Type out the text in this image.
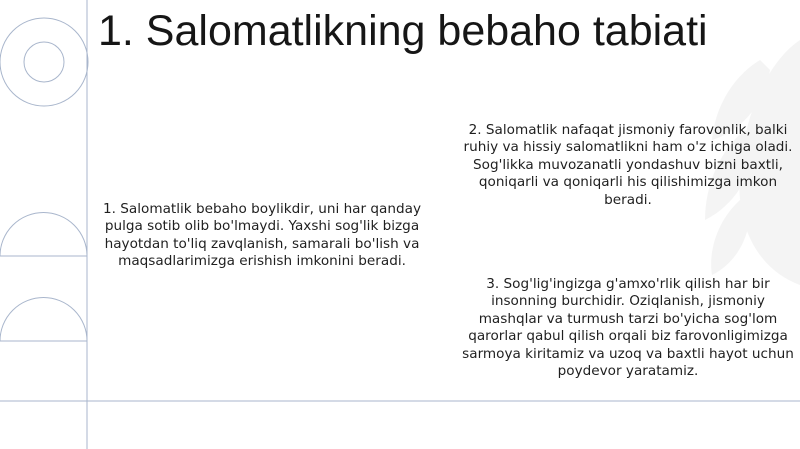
1. Salomatlikning bebaho tabiati
1. Salomatlik bebaho boylikdir, uni har qanday pulga sotib olib bo'lmaydi. Yaxshi sog'lik bizga hayotdan to'liq zavqlanish, samarali bo'lish va maqsadlarimizga erishish imkonini beradi.
2. Salomatlik nafaqat jismoniy farovonlik, balki ruhiy va hissiy salomatlikni ham o'z ichiga oladi. Sog'likka muvozanatli yondashuv bizni baxtli, qoniqarli va qoniqarli his qilishimizga imkon beradi.
3. Sog'lig'ingizga g'amxo'rlik qilish har bir insonning burchidir. Oziqlanish, jismoniy mashqlar va turmush tarzi bo'yicha sog'lom qarorlar qabul qilish orqali biz farovonligimizga sarmoya kiritamiz va uzoq va baxtli hayot uchun poydevor yaratamiz.
